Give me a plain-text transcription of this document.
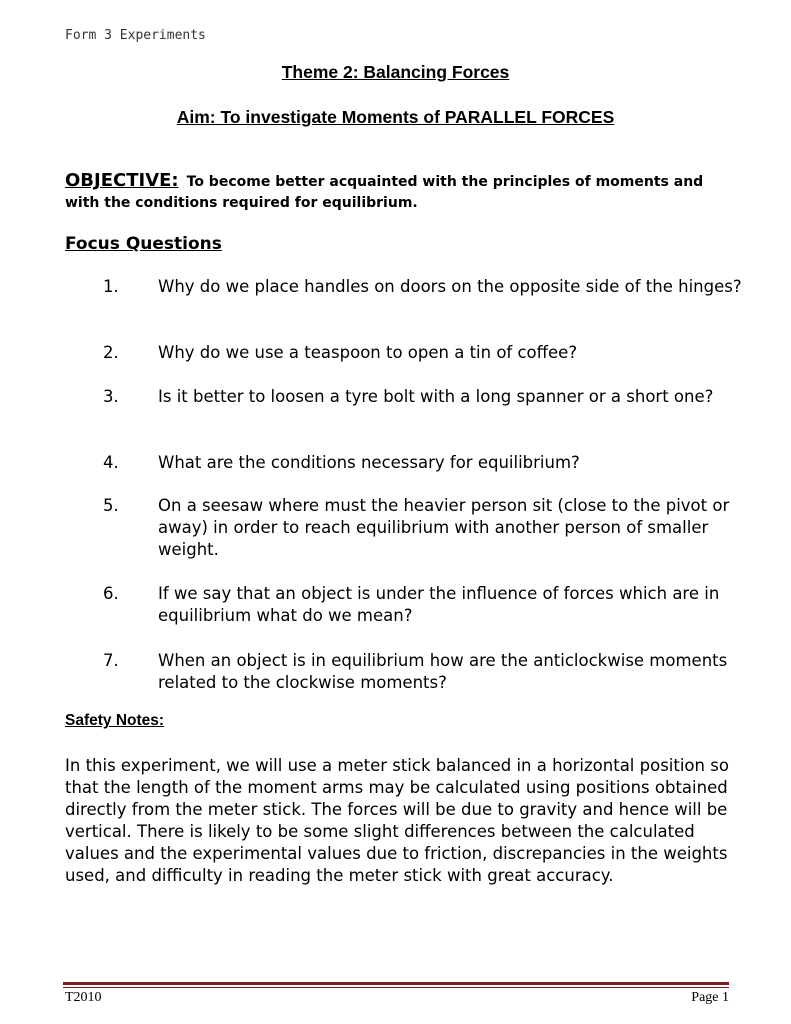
Form 3 Experiments
Theme 2: Balancing Forces
Aim: To investigate Moments of PARALLEL FORCES
OBJECTIVE: To become better acquainted with the principles of moments and with the conditions required for equilibrium.
Focus Questions
1. Why do we place handles on doors on the opposite side of the hinges?
2. Why do we use a teaspoon to open a tin of coffee?
3. Is it better to loosen a tyre bolt with a long spanner or a short one?
4. What are the conditions necessary for equilibrium?
5. On a seesaw where must the heavier person sit (close to the pivot or away) in order to reach equilibrium with another person of smaller weight.
6. If we say that an object is under the influence of forces which are in equilibrium what do we mean?
7. When an object is in equilibrium how are the anticlockwise moments related to the clockwise moments?
Safety Notes:
In this experiment, we will use a meter stick balanced in a horizontal position so that the length of the moment arms may be calculated using positions obtained directly from the meter stick. The forces will be due to gravity and hence will be vertical. There is likely to be some slight differences between the calculated values and the experimental values due to friction, discrepancies in the weights used, and difficulty in reading the meter stick with great accuracy.
T2010	Page 1
